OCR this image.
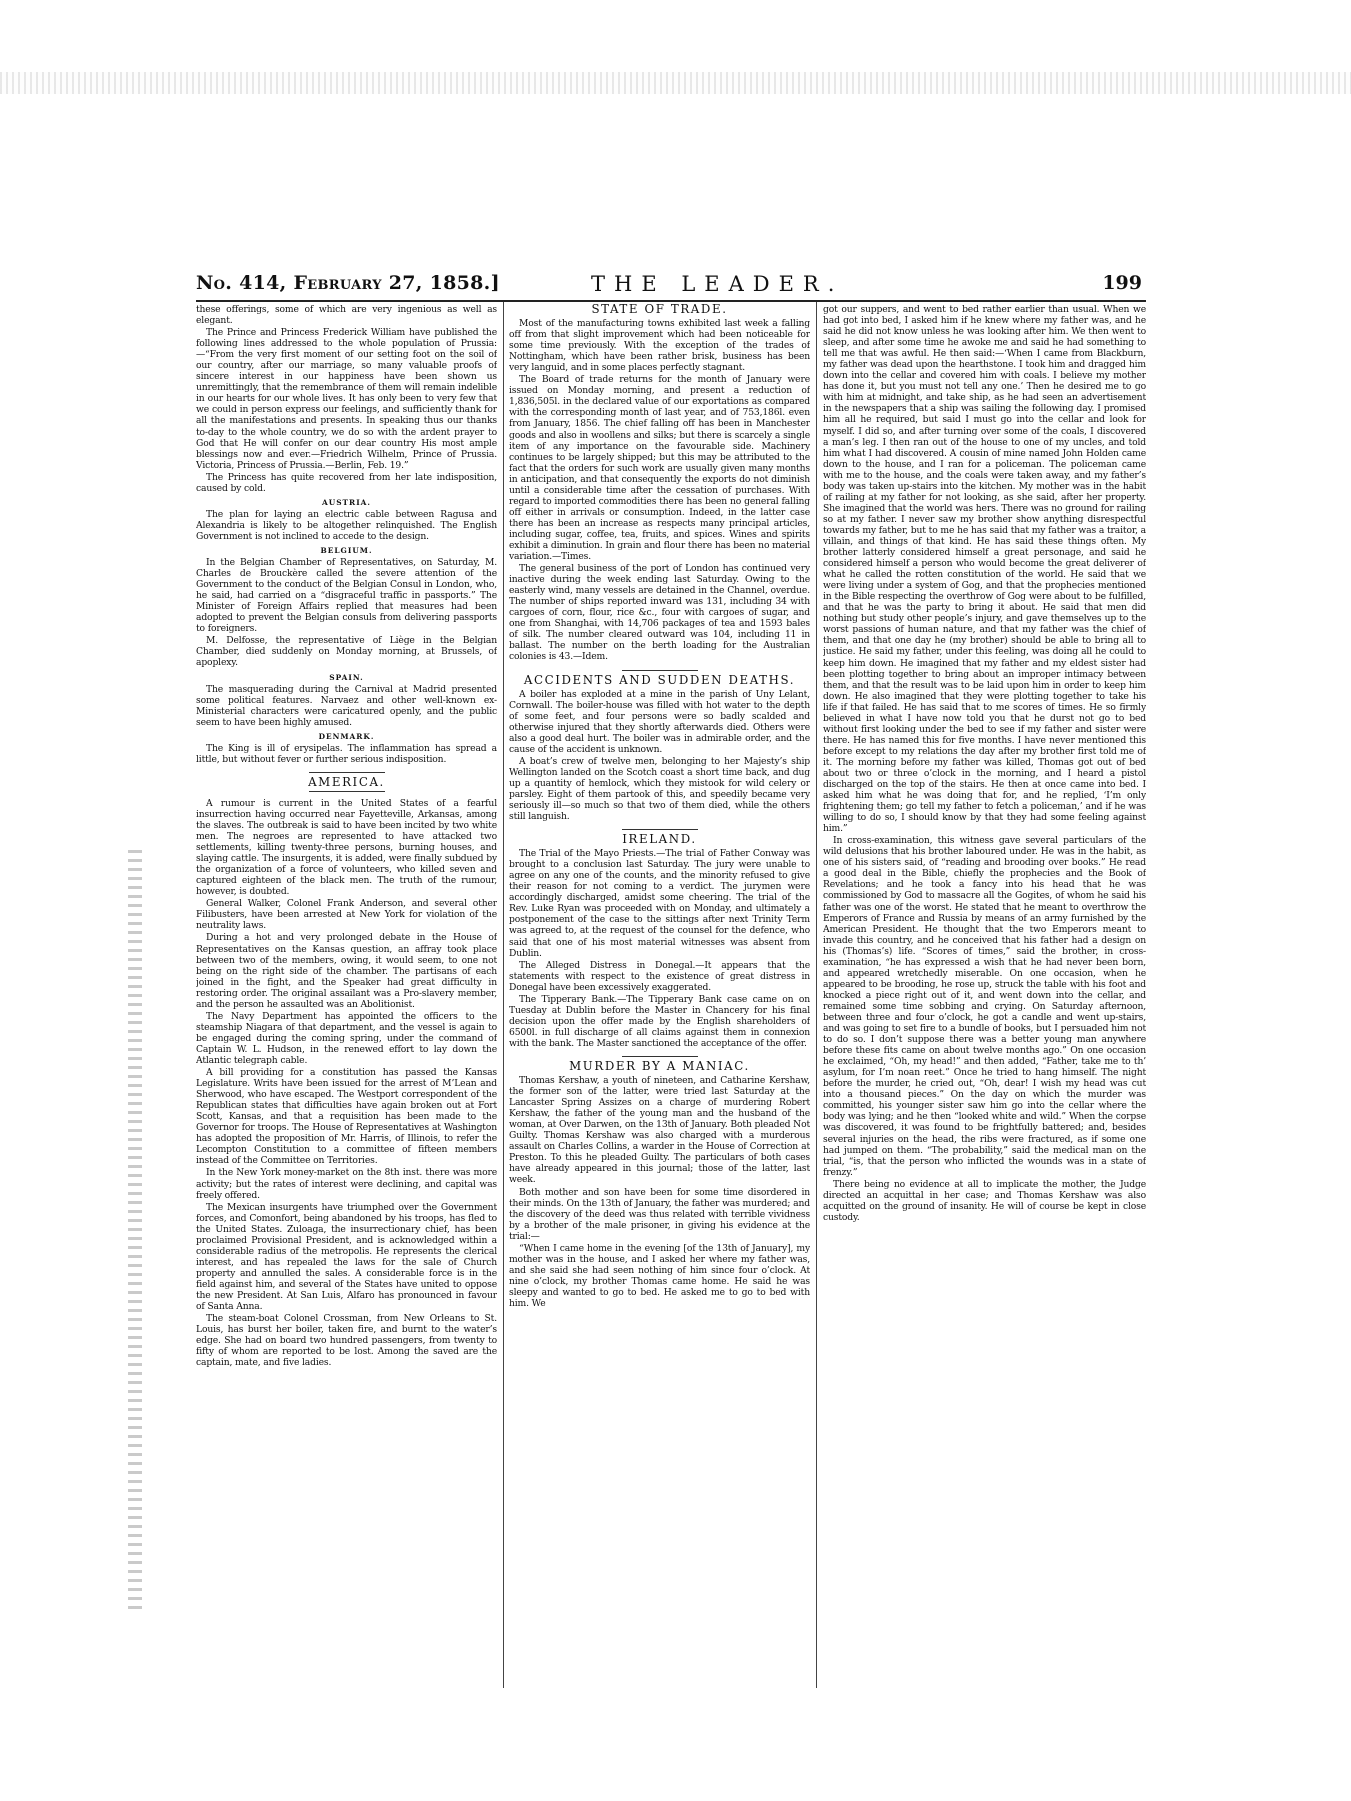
No. 414, February 27, 1858.]	THE LEADER.	199

these offerings, some of which are very ingenious as well as elegant.

The Prince and Princess Frederick William have published the following lines addressed to the whole population of Prussia:—“From the very first moment of our setting foot on the soil of our country, after our marriage, so many valuable proofs of sincere interest in our happiness have been shown us unremittingly, that the remembrance of them will remain indelible in our hearts for our whole lives. It has only been to very few that we could in person express our feelings, and sufficiently thank for all the manifestations and presents. In speaking thus our thanks to-day to the whole country, we do so with the ardent prayer to God that He will confer on our dear country His most ample blessings now and ever.—Friedrich Wilhelm, Prince of Prussia. Victoria, Princess of Prussia.—Berlin, Feb. 19.”

The Princess has quite recovered from her late indisposition, caused by cold.

AUSTRIA.

The plan for laying an electric cable between Ragusa and Alexandria is likely to be altogether relinquished. The English Government is not inclined to accede to the design.

BELGIUM.

In the Belgian Chamber of Representatives, on Saturday, M. Charles de Brouckère called the severe attention of the Government to the conduct of the Belgian Consul in London, who, he said, had carried on a “disgraceful traffic in passports.” The Minister of Foreign Affairs replied that measures had been adopted to prevent the Belgian consuls from delivering passports to foreigners.

M. Delfosse, the representative of Liège in the Belgian Chamber, died suddenly on Monday morning, at Brussels, of apoplexy.

SPAIN.

The masquerading during the Carnival at Madrid presented some political features. Narvaez and other well-known ex-Ministerial characters were caricatured openly, and the public seem to have been highly amused.

DENMARK.

The King is ill of erysipelas. The inflammation has spread a little, but without fever or further serious indisposition.

AMERICA.

A rumour is current in the United States of a fearful insurrection having occurred near Fayetteville, Arkansas, among the slaves. The outbreak is said to have been incited by two white men. The negroes are represented to have attacked two settlements, killing twenty-three persons, burning houses, and slaying cattle. The insurgents, it is added, were finally subdued by the organization of a force of volunteers, who killed seven and captured eighteen of the black men. The truth of the rumour, however, is doubted.

General Walker, Colonel Frank Anderson, and several other Filibusters, have been arrested at New York for violation of the neutrality laws.

During a hot and very prolonged debate in the House of Representatives on the Kansas question, an affray took place between two of the members, owing, it would seem, to one not being on the right side of the chamber. The partisans of each joined in the fight, and the Speaker had great difficulty in restoring order. The original assailant was a Pro-slavery member, and the person he assaulted was an Abolitionist.

The Navy Department has appointed the officers to the steamship Niagara of that department, and the vessel is again to be engaged during the coming spring, under the command of Captain W. L. Hudson, in the renewed effort to lay down the Atlantic telegraph cable.

A bill providing for a constitution has passed the Kansas Legislature. Writs have been issued for the arrest of M’Lean and Sherwood, who have escaped. The Westport correspondent of the Republican states that difficulties have again broken out at Fort Scott, Kansas, and that a requisition has been made to the Governor for troops. The House of Representatives at Washington has adopted the proposition of Mr. Harris, of Illinois, to refer the Lecompton Constitution to a committee of fifteen members instead of the Committee on Territories.

In the New York money-market on the 8th inst. there was more activity; but the rates of interest were declining, and capital was freely offered.

The Mexican insurgents have triumphed over the Government forces, and Comonfort, being abandoned by his troops, has fled to the United States. Zuloaga, the insurrectionary chief, has been proclaimed Provisional President, and is acknowledged within a considerable radius of the metropolis. He represents the clerical interest, and has repealed the laws for the sale of Church property and annulled the sales. A considerable force is in the field against him, and several of the States have united to oppose the new President. At San Luis, Alfaro has pronounced in favour of Santa Anna.

The steam-boat Colonel Crossman, from New Orleans to St. Louis, has burst her boiler, taken fire, and burnt to the water’s edge. She had on board two hundred passengers, from twenty to fifty of whom are reported to be lost. Among the saved are the captain, mate, and five ladies.

STATE OF TRADE.

Most of the manufacturing towns exhibited last week a falling off from that slight improvement which had been noticeable for some time previously. With the exception of the trades of Nottingham, which have been rather brisk, business has been very languid, and in some places perfectly stagnant.

The Board of trade returns for the month of January were issued on Monday morning, and present a reduction of 1,836,505l. in the declared value of our exportations as compared with the corresponding month of last year, and of 753,186l. even from January, 1856. The chief falling off has been in Manchester goods and also in woollens and silks; but there is scarcely a single item of any importance on the favourable side. Machinery continues to be largely shipped; but this may be attributed to the fact that the orders for such work are usually given many months in anticipation, and that consequently the exports do not diminish until a considerable time after the cessation of purchases. With regard to imported commodities there has been no general falling off either in arrivals or consumption. Indeed, in the latter case there has been an increase as respects many principal articles, including sugar, coffee, tea, fruits, and spices. Wines and spirits exhibit a diminution. In grain and flour there has been no material variation.—Times.

The general business of the port of London has continued very inactive during the week ending last Saturday. Owing to the easterly wind, many vessels are detained in the Channel, overdue. The number of ships reported inward was 131, including 34 with cargoes of corn, flour, rice &c., four with cargoes of sugar, and one from Shanghai, with 14,706 packages of tea and 1593 bales of silk. The number cleared outward was 104, including 11 in ballast. The number on the berth loading for the Australian colonies is 43.—Idem.

ACCIDENTS AND SUDDEN DEATHS.

A boiler has exploded at a mine in the parish of Uny Lelant, Cornwall. The boiler-house was filled with hot water to the depth of some feet, and four persons were so badly scalded and otherwise injured that they shortly afterwards died. Others were also a good deal hurt. The boiler was in admirable order, and the cause of the accident is unknown.

A boat’s crew of twelve men, belonging to her Majesty’s ship Wellington landed on the Scotch coast a short time back, and dug up a quantity of hemlock, which they mistook for wild celery or parsley. Eight of them partook of this, and speedily became very seriously ill—so much so that two of them died, while the others still languish.

IRELAND.

The Trial of the Mayo Priests.—The trial of Father Conway was brought to a conclusion last Saturday. The jury were unable to agree on any one of the counts, and the minority refused to give their reason for not coming to a verdict. The jurymen were accordingly discharged, amidst some cheering. The trial of the Rev. Luke Ryan was proceeded with on Monday, and ultimately a postponement of the case to the sittings after next Trinity Term was agreed to, at the request of the counsel for the defence, who said that one of his most material witnesses was absent from Dublin.

The Alleged Distress in Donegal.—It appears that the statements with respect to the existence of great distress in Donegal have been excessively exaggerated.

The Tipperary Bank.—The Tipperary Bank case came on on Tuesday at Dublin before the Master in Chancery for his final decision upon the offer made by the English shareholders of 6500l. in full discharge of all claims against them in connexion with the bank. The Master sanctioned the acceptance of the offer.

MURDER BY A MANIAC.

Thomas Kershaw, a youth of nineteen, and Catharine Kershaw, the former son of the latter, were tried last Saturday at the Lancaster Spring Assizes on a charge of murdering Robert Kershaw, the father of the young man and the husband of the woman, at Over Darwen, on the 13th of January. Both pleaded Not Guilty. Thomas Kershaw was also charged with a murderous assault on Charles Collins, a warder in the House of Correction at Preston. To this he pleaded Guilty. The particulars of both cases have already appeared in this journal; those of the latter, last week.

Both mother and son have been for some time disordered in their minds. On the 13th of January, the father was murdered; and the discovery of the deed was thus related with terrible vividness by a brother of the male prisoner, in giving his evidence at the trial:—

“When I came home in the evening [of the 13th of January], my mother was in the house, and I asked her where my father was, and she said she had seen nothing of him since four o’clock. At nine o’clock, my brother Thomas came home. He said he was sleepy and wanted to go to bed. He asked me to go to bed with him. We

got our suppers, and went to bed rather earlier than usual. When we had got into bed, I asked him if he knew where my father was, and he said he did not know unless he was looking after him. We then went to sleep, and after some time he awoke me and said he had something to tell me that was awful. He then said:—‘When I came from Blackburn, my father was dead upon the hearthstone. I took him and dragged him down into the cellar and covered him with coals. I believe my mother has done it, but you must not tell any one.’ Then he desired me to go with him at midnight, and take ship, as he had seen an advertisement in the newspapers that a ship was sailing the following day. I promised him all he required, but said I must go into the cellar and look for myself. I did so, and after turning over some of the coals, I discovered a man’s leg. I then ran out of the house to one of my uncles, and told him what I had discovered. A cousin of mine named John Holden came down to the house, and I ran for a policeman. The policeman came with me to the house, and the coals were taken away, and my father’s body was taken up-stairs into the kitchen. My mother was in the habit of railing at my father for not looking, as she said, after her property. She imagined that the world was hers. There was no ground for railing so at my father. I never saw my brother show anything disrespectful towards my father, but to me he has said that my father was a traitor, a villain, and things of that kind. He has said these things often. My brother latterly considered himself a great personage, and said he considered himself a person who would become the great deliverer of what he called the rotten constitution of the world. He said that we were living under a system of Gog, and that the prophecies mentioned in the Bible respecting the overthrow of Gog were about to be fulfilled, and that he was the party to bring it about. He said that men did nothing but study other people’s injury, and gave themselves up to the worst passions of human nature, and that my father was the chief of them, and that one day he (my brother) should be able to bring all to justice. He said my father, under this feeling, was doing all he could to keep him down. He imagined that my father and my eldest sister had been plotting together to bring about an improper intimacy between them, and that the result was to be laid upon him in order to keep him down. He also imagined that they were plotting together to take his life if that failed. He has said that to me scores of times. He so firmly believed in what I have now told you that he durst not go to bed without first looking under the bed to see if my father and sister were there. He has named this for five months. I have never mentioned this before except to my relations the day after my brother first told me of it. The morning before my father was killed, Thomas got out of bed about two or three o’clock in the morning, and I heard a pistol discharged on the top of the stairs. He then at once came into bed. I asked him what he was doing that for, and he replied, ‘I’m only frightening them; go tell my father to fetch a policeman,’ and if he was willing to do so, I should know by that they had some feeling against him.”

In cross-examination, this witness gave several particulars of the wild delusions that his brother laboured under. He was in the habit, as one of his sisters said, of “reading and brooding over books.” He read a good deal in the Bible, chiefly the prophecies and the Book of Revelations; and he took a fancy into his head that he was commissioned by God to massacre all the Gogites, of whom he said his father was one of the worst. He stated that he meant to overthrow the Emperors of France and Russia by means of an army furnished by the American President. He thought that the two Emperors meant to invade this country, and he conceived that his father had a design on his (Thomas’s) life. “Scores of times,” said the brother, in cross-examination, “he has expressed a wish that he had never been born, and appeared wretchedly miserable. On one occasion, when he appeared to be brooding, he rose up, struck the table with his foot and knocked a piece right out of it, and went down into the cellar, and remained some time sobbing and crying. On Saturday afternoon, between three and four o’clock, he got a candle and went up-stairs, and was going to set fire to a bundle of books, but I persuaded him not to do so. I don’t suppose there was a better young man anywhere before these fits came on about twelve months ago.” On one occasion he exclaimed, “Oh, my head!” and then added, “Father, take me to th’ asylum, for I’m noan reet.” Once he tried to hang himself. The night before the murder, he cried out, “Oh, dear! I wish my head was cut into a thousand pieces.” On the day on which the murder was committed, his younger sister saw him go into the cellar where the body was lying; and he then “looked white and wild.” When the corpse was discovered, it was found to be frightfully battered; and, besides several injuries on the head, the ribs were fractured, as if some one had jumped on them. “The probability,” said the medical man on the trial, “is, that the person who inflicted the wounds was in a state of frenzy.”

There being no evidence at all to implicate the mother, the Judge directed an acquittal in her case; and Thomas Kershaw was also acquitted on the ground of insanity. He will of course be kept in close custody.
